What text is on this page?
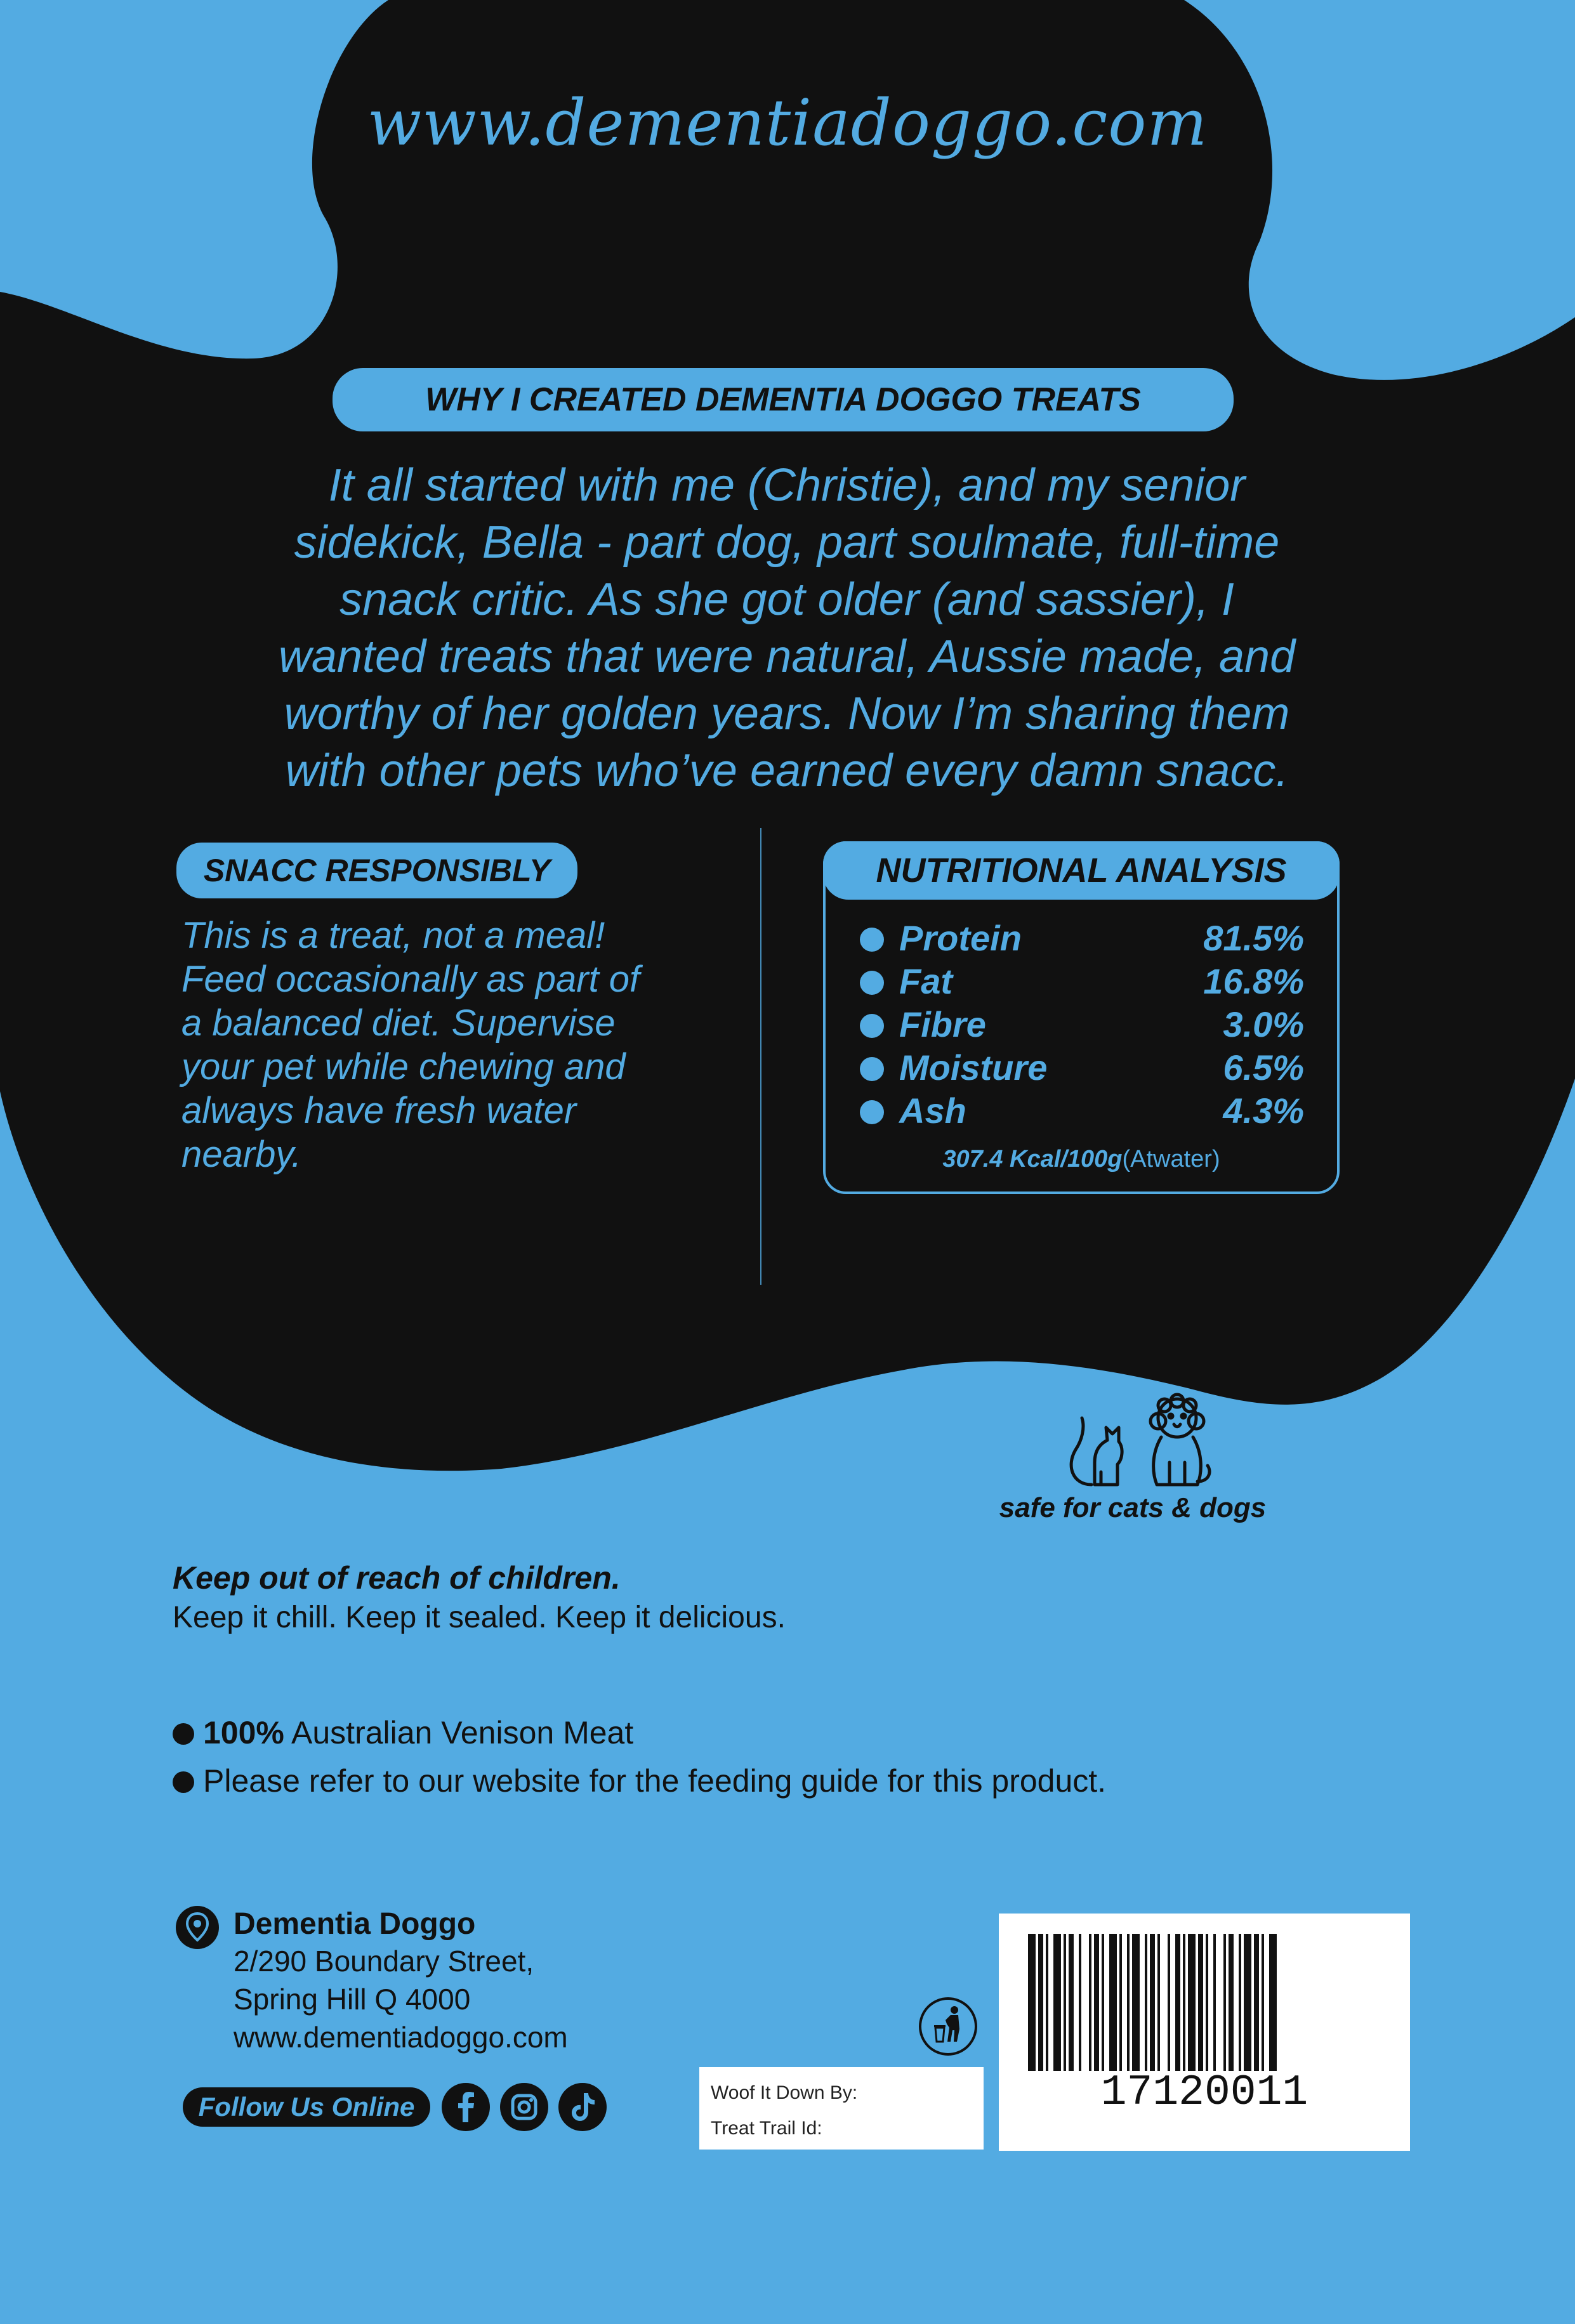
www.dementiadoggo.com
WHY I CREATED DEMENTIA DOGGO TREATS
It all started with me (Christie), and my senior
sidekick, Bella - part dog, part soulmate, full-time
snack critic. As she got older (and sassier), I
wanted treats that were natural, Aussie made, and
worthy of her golden years. Now I’m sharing them
with other pets who’ve earned every damn snacc.
SNACC RESPONSIBLY
This is a treat, not a meal!
Feed occasionally as part of
a balanced diet. Supervise
your pet while chewing and
always have fresh water
nearby.
NUTRITIONAL ANALYSIS
Protein	81.5%
Fat	16.8%
Fibre	3.0%
Moisture	6.5%
Ash	4.3%
307.4 Kcal/100g(Atwater)
safe for cats & dogs
Keep out of reach of children.
Keep it chill. Keep it sealed. Keep it delicious.
100% Australian Venison Meat
Please refer to our website for the feeding guide for this product.
Dementia Doggo
2/290 Boundary Street,
Spring Hill Q 4000
www.dementiadoggo.com
Follow Us Online	Woof It Down By:
Treat Trail Id:
17120011
